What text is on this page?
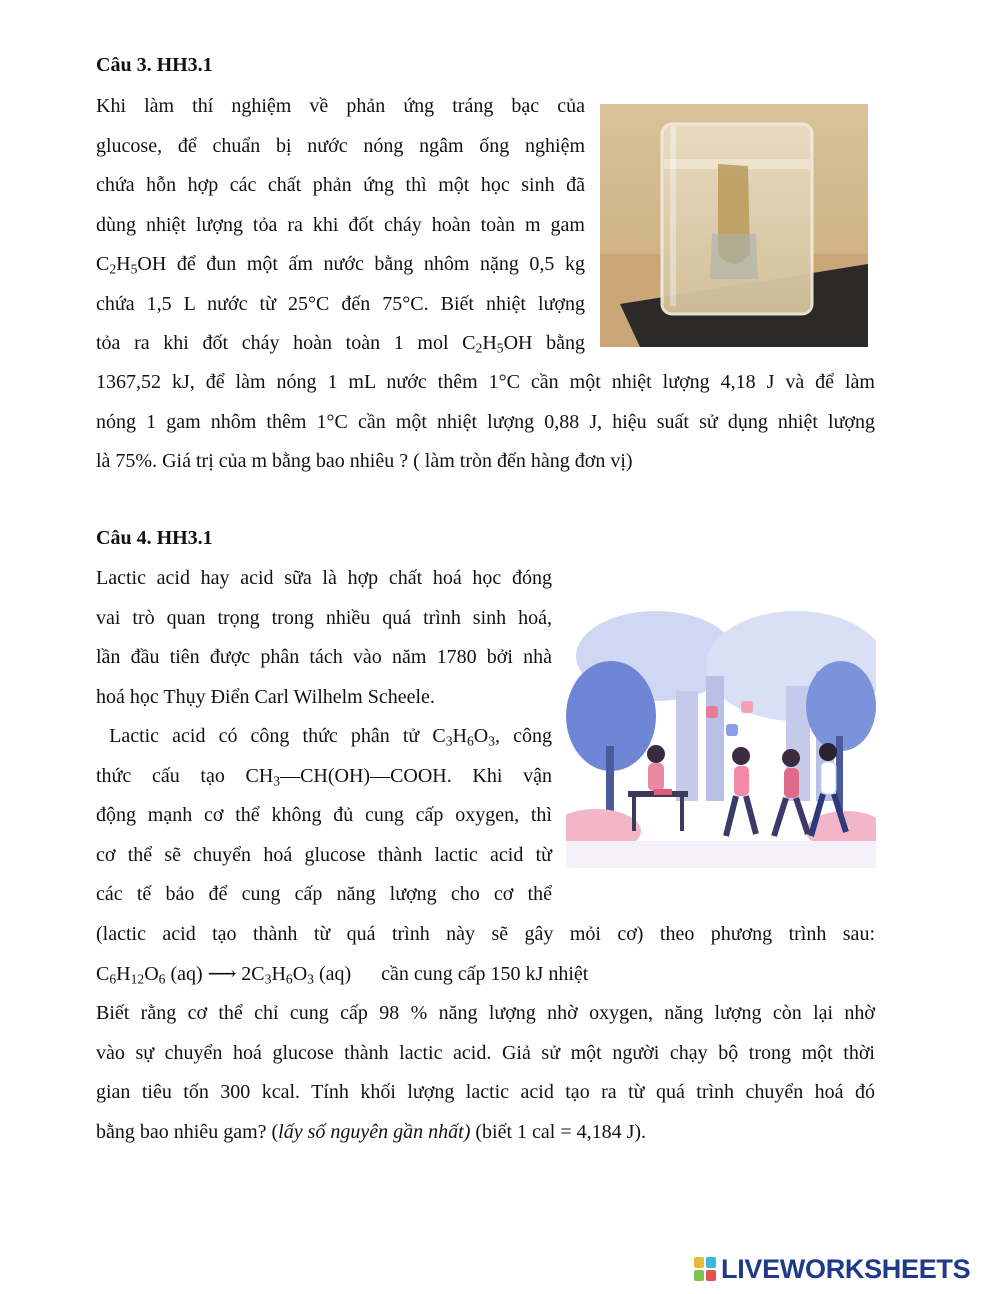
Câu 3. HH3.1

Khi làm thí nghiệm về phản ứng tráng bạc của
glucose, để chuẩn bị nước nóng ngâm ống nghiệm
chứa hỗn hợp các chất phản ứng thì một học sinh đã
dùng nhiệt lượng tỏa ra khi đốt cháy hoàn toàn m gam
$C_2H_5OH$ để đun một ấm nước bằng nhôm nặng 0,5 kg
chứa 1,5 L nước từ 25°C đến 75°C. Biết nhiệt lượng
tỏa ra khi đốt cháy hoàn toàn 1 mol $C_2H_5OH$ bằng
1367,52 kJ, để làm nóng 1 mL nước thêm 1°C cần một nhiệt lượng 4,18 J và để làm
nóng 1 gam nhôm thêm 1°C cần một nhiệt lượng 0,88 J, hiệu suất sử dụng nhiệt lượng
là 75%. Giá trị của m bằng bao nhiêu ? ( làm tròn đến hàng đơn vị)

Câu 4. HH3.1

Lactic acid hay acid sữa là hợp chất hoá học đóng
vai trò quan trọng trong nhiều quá trình sinh hoá,
lần đầu tiên được phân tách vào năm 1780 bởi nhà
hoá học Thụy Điển Carl Wilhelm Scheele.
Lactic acid có công thức phân tử $C_3H_6O_3$, công
thức cấu tạo $CH_3—CH(OH)—COOH$. Khi vận
động mạnh cơ thể không đủ cung cấp oxygen, thì
cơ thể sẽ chuyển hoá glucose thành lactic acid từ
các tế bảo để cung cấp năng lượng cho cơ thể
(lactic acid tạo thành từ quá trình này sẽ gây mỏi cơ) theo phương trình sau:
$C_6H_{12}O_6$ (aq) ⟶ $2C_3H_6O_3$ (aq) cần cung cấp 150 kJ nhiệt
Biết rằng cơ thể chỉ cung cấp 98 % năng lượng nhờ oxygen, năng lượng còn lại nhờ
vào sự chuyển hoá glucose thành lactic acid. Giả sử một người chạy bộ trong một thời
gian tiêu tốn 300 kcal. Tính khối lượng lactic acid tạo ra từ quá trình chuyển hoá đó
bằng bao nhiêu gam? (lấy số nguyên gần nhất) (biết 1 cal = 4,184 J).
LIVEWORKSHEETS
